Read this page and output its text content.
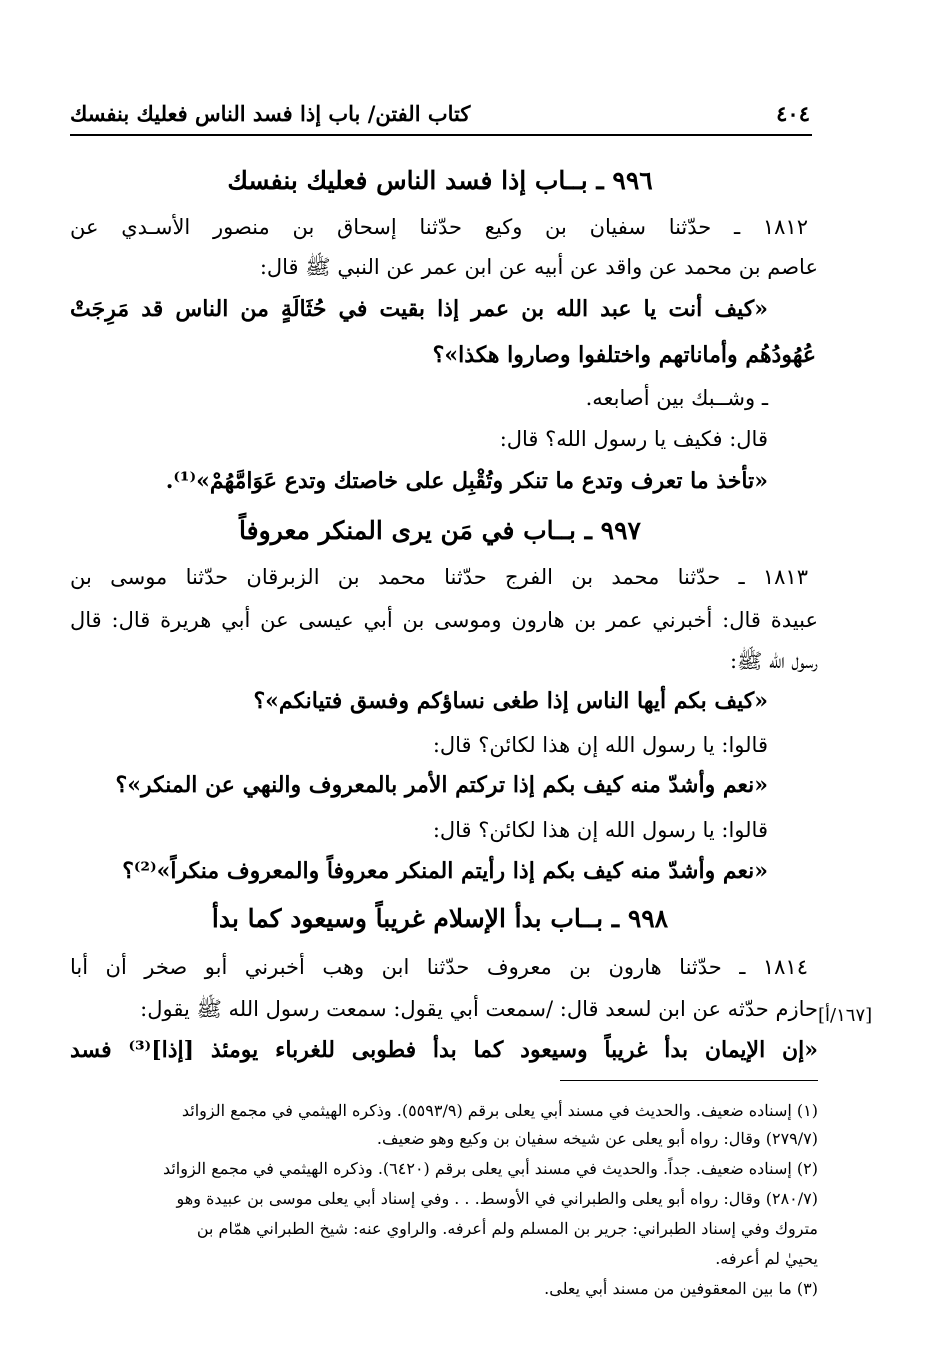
٤٠٤
كتاب الفتن/ باب إذا فسد الناس فعليك بنفسك
٩٩٦ ـ بــاب إذا فسد الناس فعليك بنفسك
١٨١٢ ـ حدّثنا سفيان بن وكيع حدّثنا إسحاق بن منصور الأسـدي عن
عاصم بن محمد عن واقد عن أبيه عن ابن عمر عن النبي ﷺ قال:
«كيف أنت يا عبد الله بن عمر إذا بقيت في حُثَالَةٍ من الناس قد مَرِجَتْ
عُهُودُهُم وأماناتهم واختلفوا وصاروا هكذا»؟
ـ وشــبك بين أصابعه.
قال: فكيف يا رسول الله؟ قال:
«تأخذ ما تعرف وتدع ما تنكر وتُقْبِل على خاصتك وتدع عَوَامَّهُمْ»⁽¹⁾.
٩٩٧ ـ بــاب في مَن يرى المنكر معروفاً
١٨١٣ ـ حدّثنا محمد بن الفرج حدّثنا محمد بن الزبرقان حدّثنا موسى بن
عبيدة قال: أخبرني عمر بن هارون وموسى بن أبي عيسى عن أبي هريرة قال: قال
رسول الله ﷺ:
«كيف بكم أيها الناس إذا طغى نساؤكم وفسق فتيانكم»؟
قالوا: يا رسول الله إن هذا لكائن؟ قال:
«نعم وأشدّ منه كيف بكم إذا تركتم الأمر بالمعروف والنهي عن المنكر»؟
قالوا: يا رسول الله إن هذا لكائن؟ قال:
«نعم وأشدّ منه كيف بكم إذا رأيتم المنكر معروفاً والمعروف منكراً»⁽²⁾؟
٩٩٨ ـ بــاب بدأ الإسلام غريباً وسيعود كما بدأ
١٨١٤ ـ حدّثنا هارون بن معروف حدّثنا ابن وهب أخبرني أبو صخر أن أبا
حازم حدّثه عن ابن لسعد قال: /سمعت أبي يقول: سمعت رسول الله ﷺ يقول: [١٦٧/أ]
«إن الإيمان بدأ غريباً وسيعود كما بدأ فطوبى للغرباء يومئذ [إذا]⁽³⁾ فسد
(١) إسناده ضعيف. والحديث في مسند أبي يعلى برقم (٥٥٩٣/٩). وذكره الهيثمي في مجمع الزوائد
(٢٧٩/٧) وقال: رواه أبو يعلى عن شيخه سفيان بن وكيع وهو ضعيف.
(٢) إسناده ضعيف. جداً. والحديث في مسند أبي يعلى برقم (٦٤٢٠). وذكره الهيثمي في مجمع الزوائد
(٢٨٠/٧) وقال: رواه أبو يعلى والطبراني في الأوسط. . . وفي إسناد أبي يعلى موسى بن عبيدة وهو
متروك وفي إسناد الطبراني: جرير بن المسلم ولم أعرفه. والراوي عنه: شيخ الطبراني همّام بن
يحييٰ لم أعرفه.
(٣) ما بين المعقوفين من مسند أبي يعلى.
